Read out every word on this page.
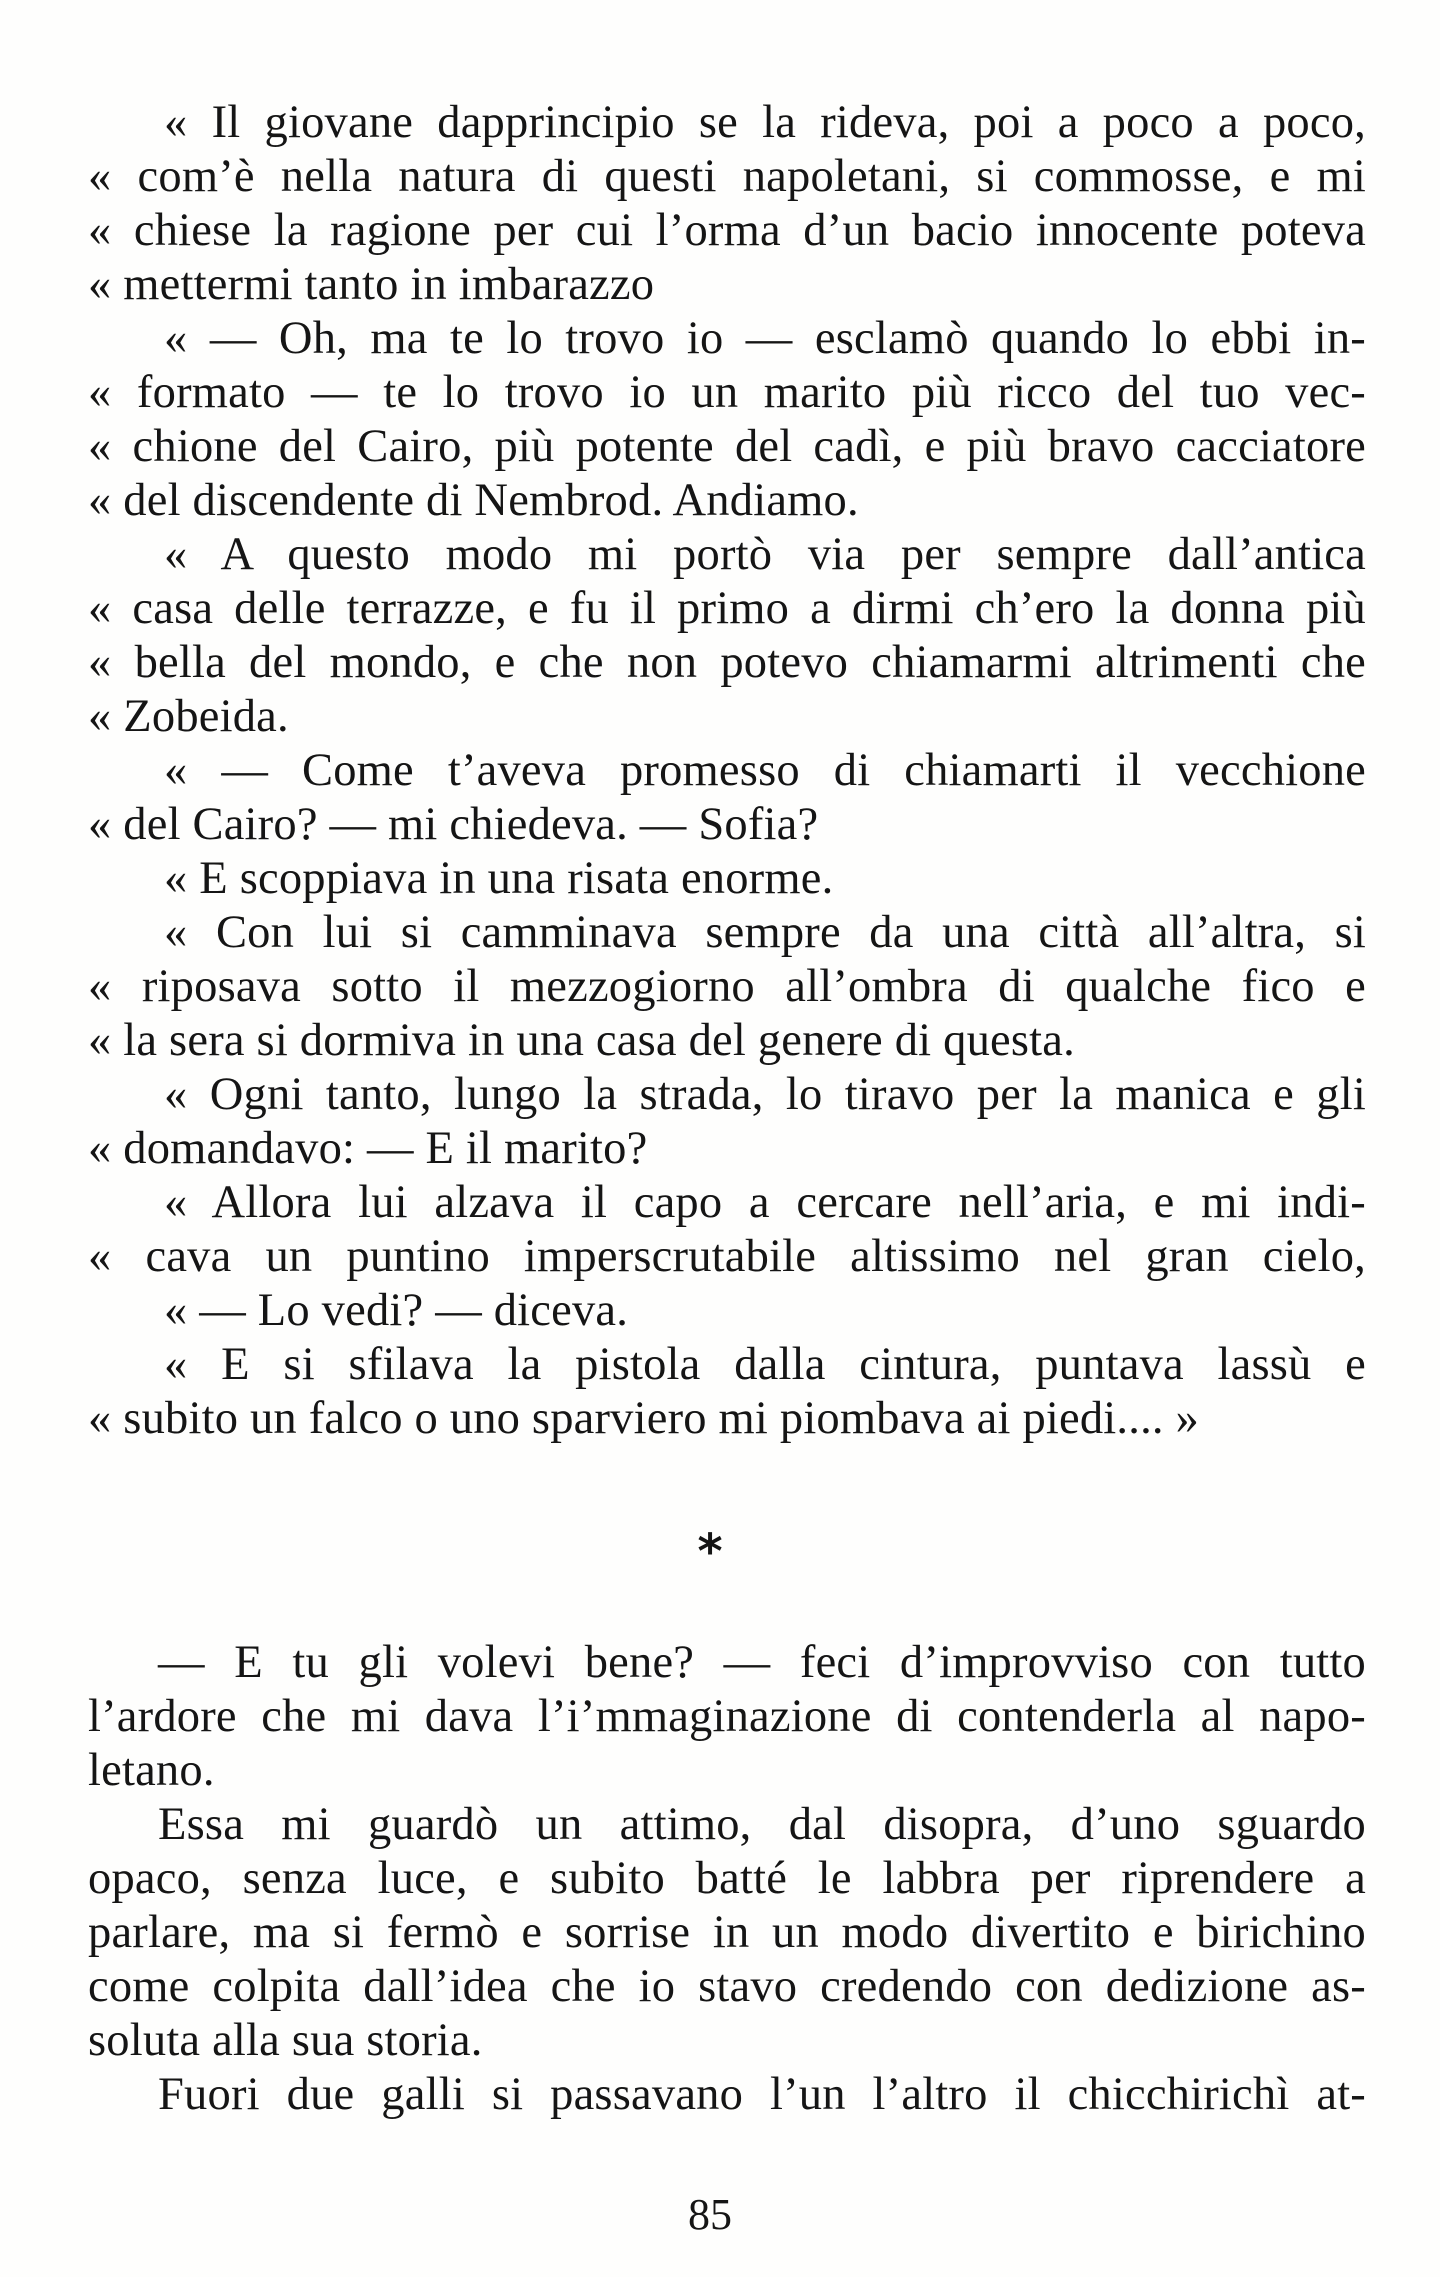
« Il giovane dapprincipio se la rideva, poi a poco a poco,
« com’è nella natura di questi napoletani, si commosse, e mi
« chiese la ragione per cui l’orma d’un bacio innocente poteva
« mettermi tanto in imbarazzo
« — Oh, ma te lo trovo io — esclamò quando lo ebbi in-
« formato — te lo trovo io un marito più ricco del tuo vec-
« chione del Cairo, più potente del cadì, e più bravo cacciatore
« del discendente di Nembrod. Andiamo.
« A questo modo mi portò via per sempre dall’antica
« casa delle terrazze, e fu il primo a dirmi ch’ero la donna più
« bella del mondo, e che non potevo chiamarmi altrimenti che
« Zobeida.
« — Come t’aveva promesso di chiamarti il vecchione
« del Cairo? — mi chiedeva. — Sofia?
« E scoppiava in una risata enorme.
« Con lui si camminava sempre da una città all’altra, si
« riposava sotto il mezzogiorno all’ombra di qualche fico e
« la sera si dormiva in una casa del genere di questa.
« Ogni tanto, lungo la strada, lo tiravo per la manica e gli
« domandavo: — E il marito?
« Allora lui alzava il capo a cercare nell’aria, e mi indi-
« cava un puntino imperscrutabile altissimo nel gran cielo,
« — Lo vedi? — diceva.
« E si sfilava la pistola dalla cintura, puntava lassù e
« subito un falco o uno sparviero mi piombava ai piedi.... »
*
— E tu gli volevi bene? — feci d’improvviso con tutto
l’ardore che mi dava l’i’mmaginazione di contenderla al napo-
letano.
Essa mi guardò un attimo, dal disopra, d’uno sguardo
opaco, senza luce, e subito batté le labbra per riprendere a
parlare, ma si fermò e sorrise in un modo divertito e birichino
come colpita dall’idea che io stavo credendo con dedizione as-
soluta alla sua storia.
Fuori due galli si passavano l’un l’altro il chicchirichì at-
85
